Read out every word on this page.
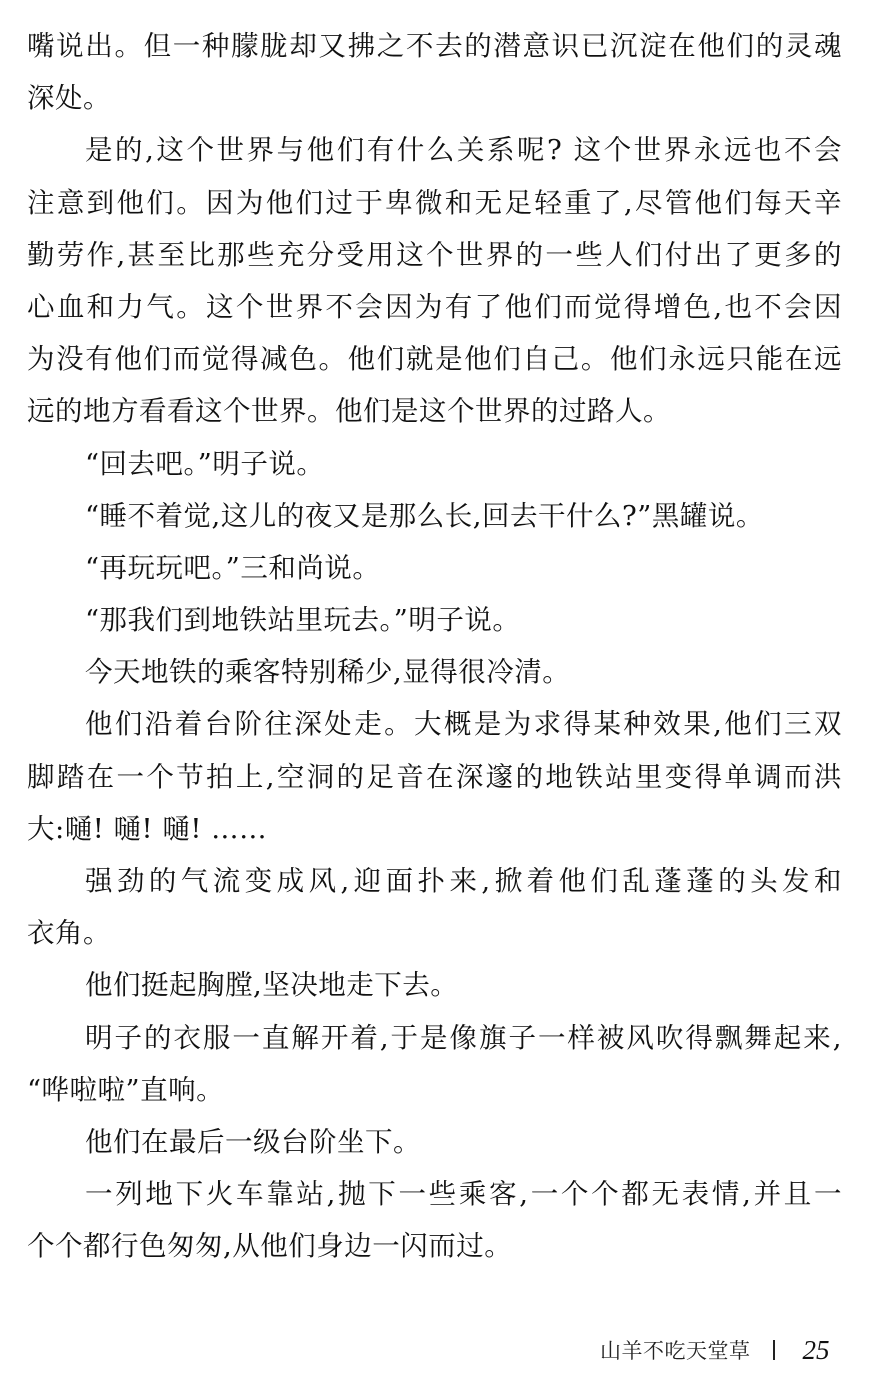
嘴说出。但一种朦胧却又拂之不去的潜意识已沉淀在他们的灵魂
深处。
是的,这个世界与他们有什么关系呢? 这个世界永远也不会
注意到他们。因为他们过于卑微和无足轻重了,尽管他们每天辛
勤劳作,甚至比那些充分受用这个世界的一些人们付出了更多的
心血和力气。这个世界不会因为有了他们而觉得增色,也不会因
为没有他们而觉得减色。他们就是他们自己。他们永远只能在远
远的地方看看这个世界。他们是这个世界的过路人。
“回去吧。”明子说。
“睡不着觉,这儿的夜又是那么长,回去干什么?”黑罐说。
“再玩玩吧。”三和尚说。
“那我们到地铁站里玩去。”明子说。
今天地铁的乘客特别稀少,显得很冷清。
他们沿着台阶往深处走。大概是为求得某种效果,他们三双
脚踏在一个节拍上,空洞的足音在深邃的地铁站里变得单调而洪
大:嗵! 嗵! 嗵! ……
强劲的气流变成风,迎面扑来,掀着他们乱蓬蓬的头发和
衣角。
他们挺起胸膛,坚决地走下去。
明子的衣服一直解开着,于是像旗子一样被风吹得飘舞起来,
“哗啦啦”直响。
他们在最后一级台阶坐下。
一列地下火车靠站,抛下一些乘客,一个个都无表情,并且一
个个都行色匆匆,从他们身边一闪而过。
山羊不吃天堂草 25
